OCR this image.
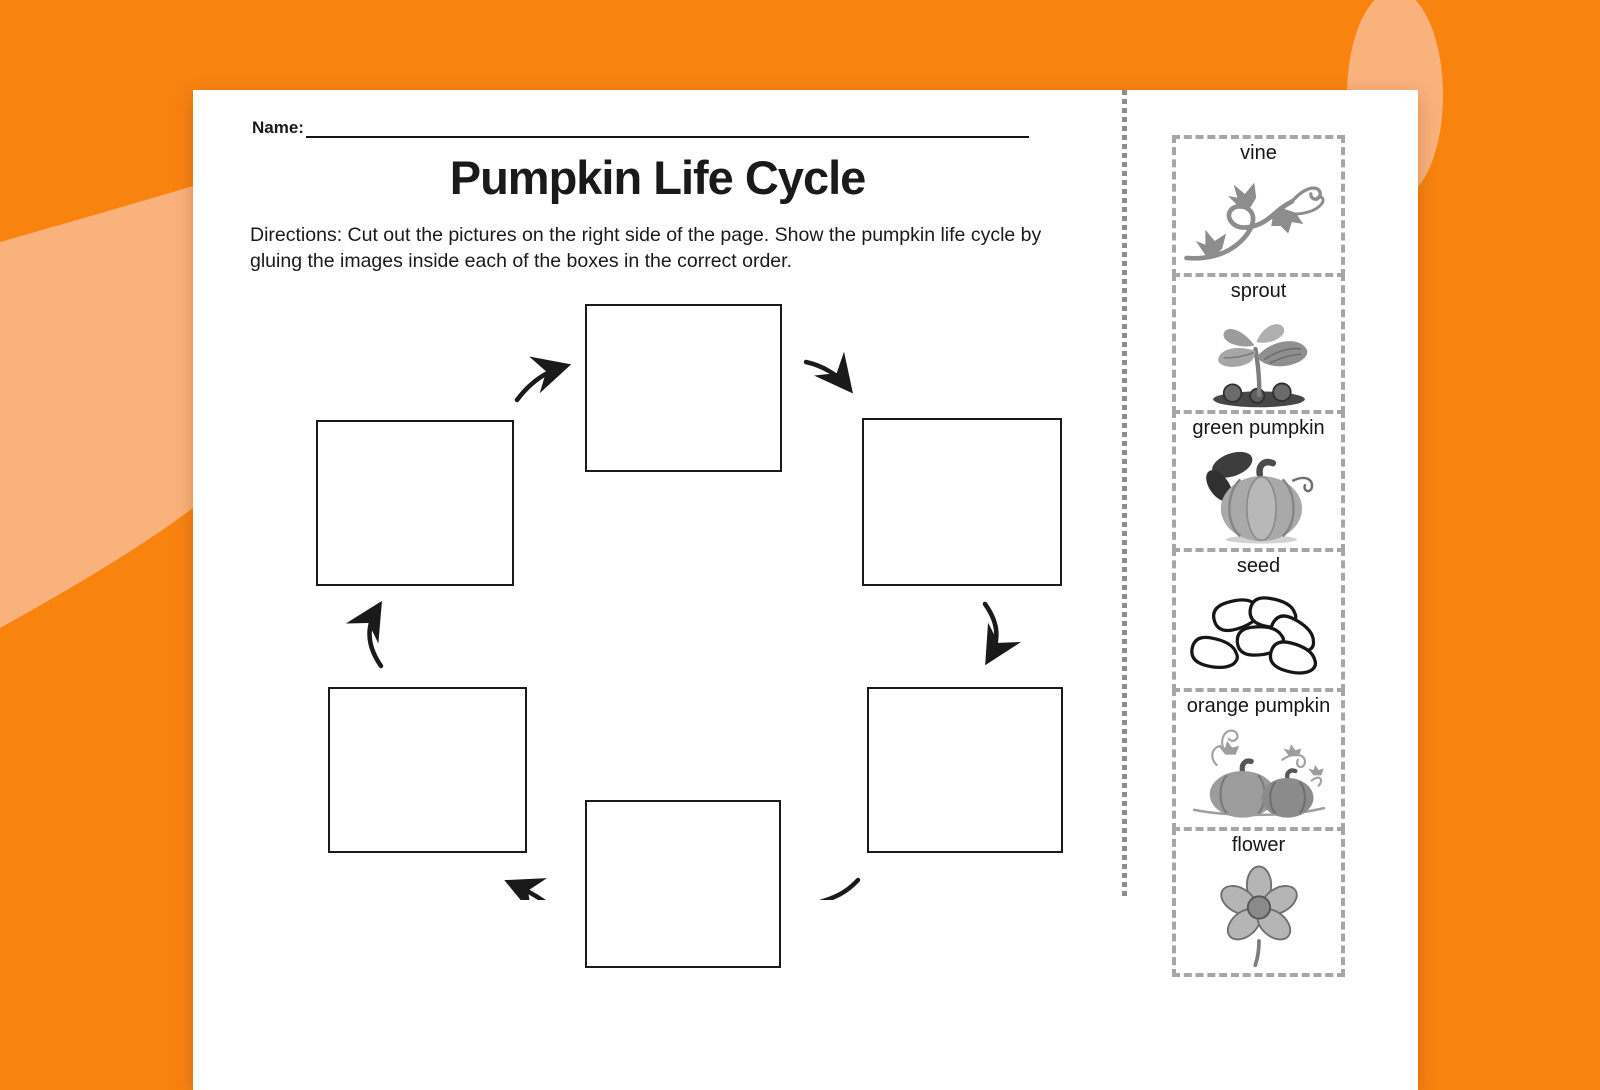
Name:
Pumpkin Life Cycle
Directions: Cut out the pictures on the right side of the page. Show the pumpkin life cycle by gluing the images inside each of the boxes in the correct order.
vine
sprout
green pumpkin
seed
orange pumpkin
flower
